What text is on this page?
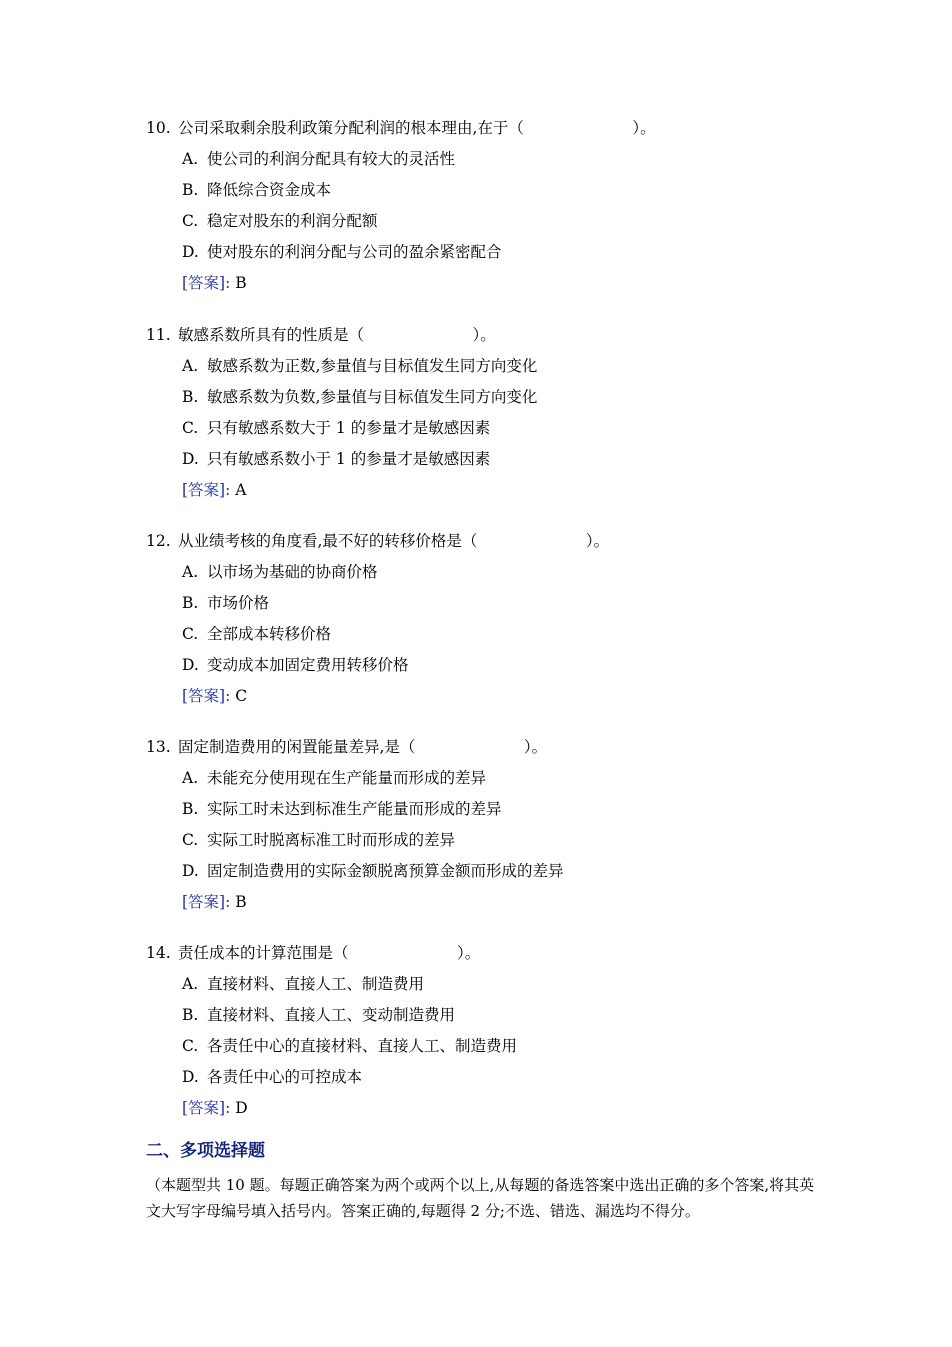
10. 公司采取剩余股利政策分配利润的根本理由,在于（　　　　　　　）。
A. 使公司的利润分配具有较大的灵活性
B. 降低综合资金成本
C. 稳定对股东的利润分配额
D. 使对股东的利润分配与公司的盈余紧密配合
[答案]: B
11. 敏感系数所具有的性质是（　　　　　　　）。
A. 敏感系数为正数,参量值与目标值发生同方向变化
B. 敏感系数为负数,参量值与目标值发生同方向变化
C. 只有敏感系数大于 1 的参量才是敏感因素
D. 只有敏感系数小于 1 的参量才是敏感因素
[答案]: A
12. 从业绩考核的角度看,最不好的转移价格是（　　　　　　　）。
A. 以市场为基础的协商价格
B. 市场价格
C. 全部成本转移价格
D. 变动成本加固定费用转移价格
[答案]: C
13. 固定制造费用的闲置能量差异,是（　　　　　　　）。
A. 未能充分使用现在生产能量而形成的差异
B. 实际工时未达到标准生产能量而形成的差异
C. 实际工时脱离标准工时而形成的差异
D. 固定制造费用的实际金额脱离预算金额而形成的差异
[答案]: B
14. 责任成本的计算范围是（　　　　　　　）。
A. 直接材料、直接人工、制造费用
B. 直接材料、直接人工、变动制造费用
C. 各责任中心的直接材料、直接人工、制造费用
D. 各责任中心的可控成本
[答案]: D
二、多项选择题
（本题型共 10 题。每题正确答案为两个或两个以上,从每题的备选答案中选出正确的多个答案,将其英文大写字母编号填入括号内。答案正确的,每题得 2 分;不选、错选、漏选均不得分。
